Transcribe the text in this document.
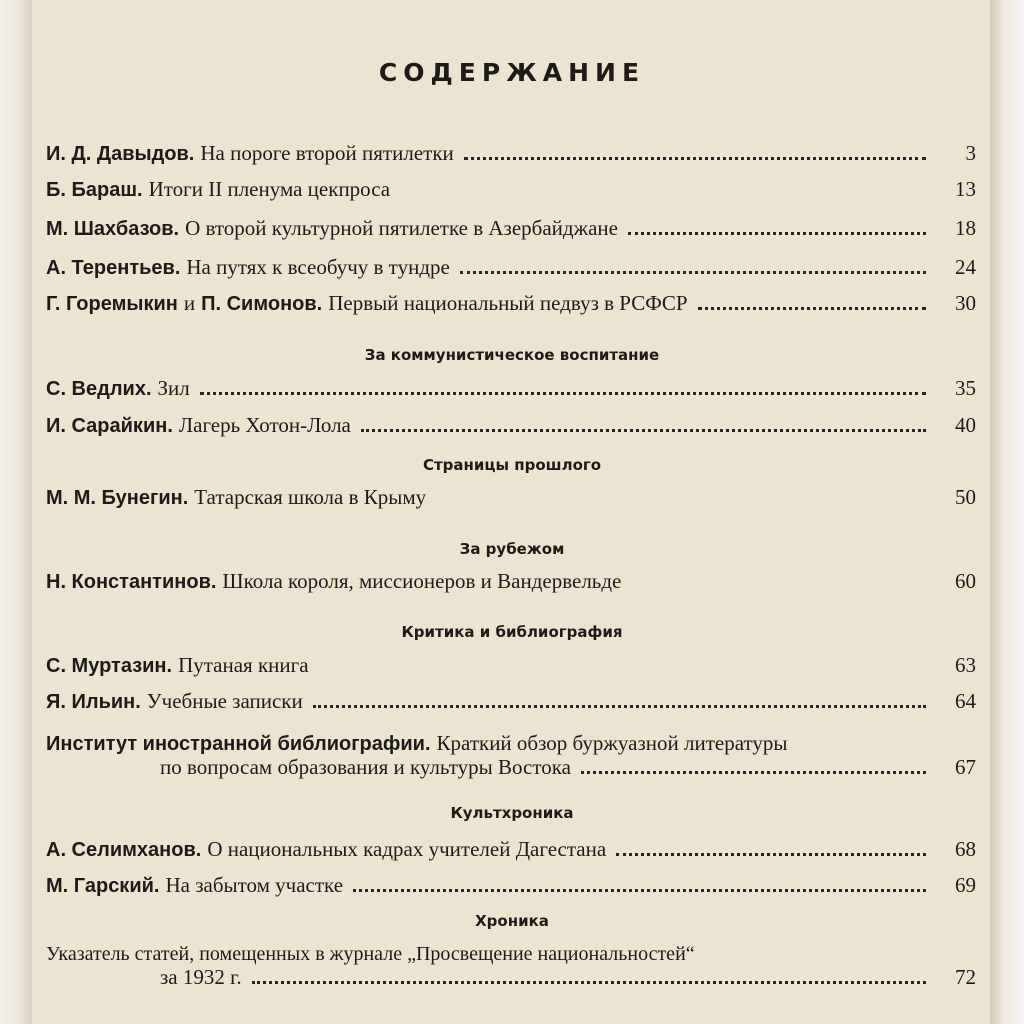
СОДЕРЖАНИЕ
И. Д. Давыдов. На пороге второй пятилетки	3
Б. Бараш. Итоги II пленума цекпроса	13
М. Шахбазов. О второй культурной пятилетке в Азербайджане	18
А. Терентьев. На путях к всеобучу в тундре	24
Г. Горемыкин и П. Симонов. Первый национальный педвуз в РСФСР	30
За коммунистическое воспитание
С. Ведлих. Зил	35
И. Сарайкин. Лагерь Хотон-Лола	40
Страницы прошлого
М. М. Бунегин. Татарская школа в Крыму	50
За рубежом
Н. Константинов. Школа короля, миссионеров и Вандервельде	60
Критика и библиография
С. Муртазин. Путаная книга	63
Я. Ильин. Учебные записки	64
Институт иностранной библиографии. Краткий обзор буржуазной литературы
по вопросам образования и культуры Востока	67
Культхроника
А. Селимханов. О национальных кадрах учителей Дагестана	68
М. Гарский. На забытом участке	69
Хроника
Указатель статей, помещенных в журнале „Просвещение национальностей“
за 1932 г.	72
